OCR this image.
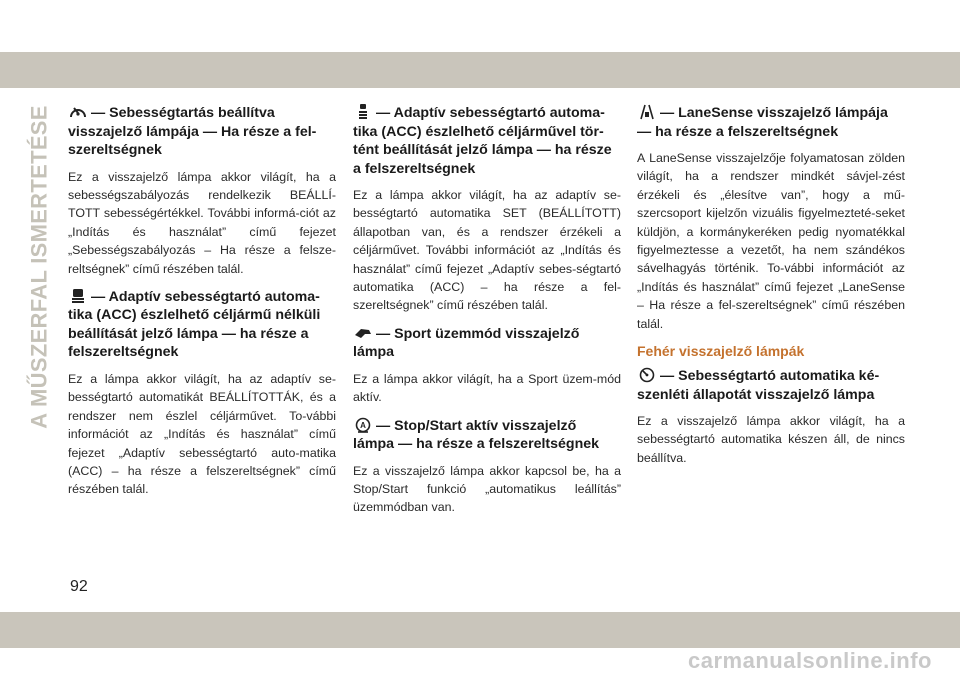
A MŰSZERFAL ISMERTETÉSE	— Sebességtartás beállítva visszajelző lámpája — Ha része a fel-szereltségnek

Ez a visszajelző lámpa akkor világít, ha a sebességszabályozás rendelkezik BEÁLLÍ-TOTT sebességértékkel. További informá-ciót az „Indítás és használat” című fejezet „Sebességszabályozás – Ha része a felsze-reltségnek” című részében talál.

— Adaptív sebességtartó automa-tika (ACC) észlelhető céljármű nélküli beállítását jelző lámpa — ha része a felszereltségnek

Ez a lámpa akkor világít, ha az adaptív se-bességtartó automatikát BEÁLLÍTOTTÁK, és a rendszer nem észlel céljárművet. To-vábbi információt az „Indítás és használat” című fejezet „Adaptív sebességtartó auto-matika (ACC) – ha része a felszereltségnek” című részében talál.

— Adaptív sebességtartó automa-tika (ACC) észlelhető céljárművel tör-tént beállítását jelző lámpa — ha része a felszereltségnek

Ez a lámpa akkor világít, ha az adaptív se-bességtartó automatika SET (BEÁLLÍTOTT) állapotban van, és a rendszer érzékeli a céljárművet. További információt az „Indítás és használat” című fejezet „Adaptív sebes-ségtartó automatika (ACC) – ha része a fel-szereltségnek” című részében talál.

— Sport üzemmód visszajelző lámpa

Ez a lámpa akkor világít, ha a Sport üzem-mód aktív.

A — Stop/Start aktív visszajelző lámpa — ha része a felszereltségnek

Ez a visszajelző lámpa akkor kapcsol be, ha a Stop/Start funkció „automatikus leállítás” üzemmódban van.

— LaneSense visszajelző lámpája — ha része a felszereltségnek

A LaneSense visszajelzője folyamatosan zölden világít, ha a rendszer mindkét sávjel-zést érzékeli és „élesítve van”, hogy a mű-szercsoport kijelzőn vizuális figyelmezteté-seket küldjön, a kormánykeréken pedig nyomatékkal figyelmeztesse a vezetőt, ha nem szándékos sávelhagyás történik. To-vábbi információt az „Indítás és használat” című fejezet „LaneSense – Ha része a fel-szereltségnek” című részében talál.

Fehér visszajelző lámpák
— Sebességtartó automatika ké-szenléti állapotát visszajelző lámpa

Ez a visszajelző lámpa akkor világít, ha a sebességtartó automatika készen áll, de nincs beállítva.

92
carmanualsonline.info
